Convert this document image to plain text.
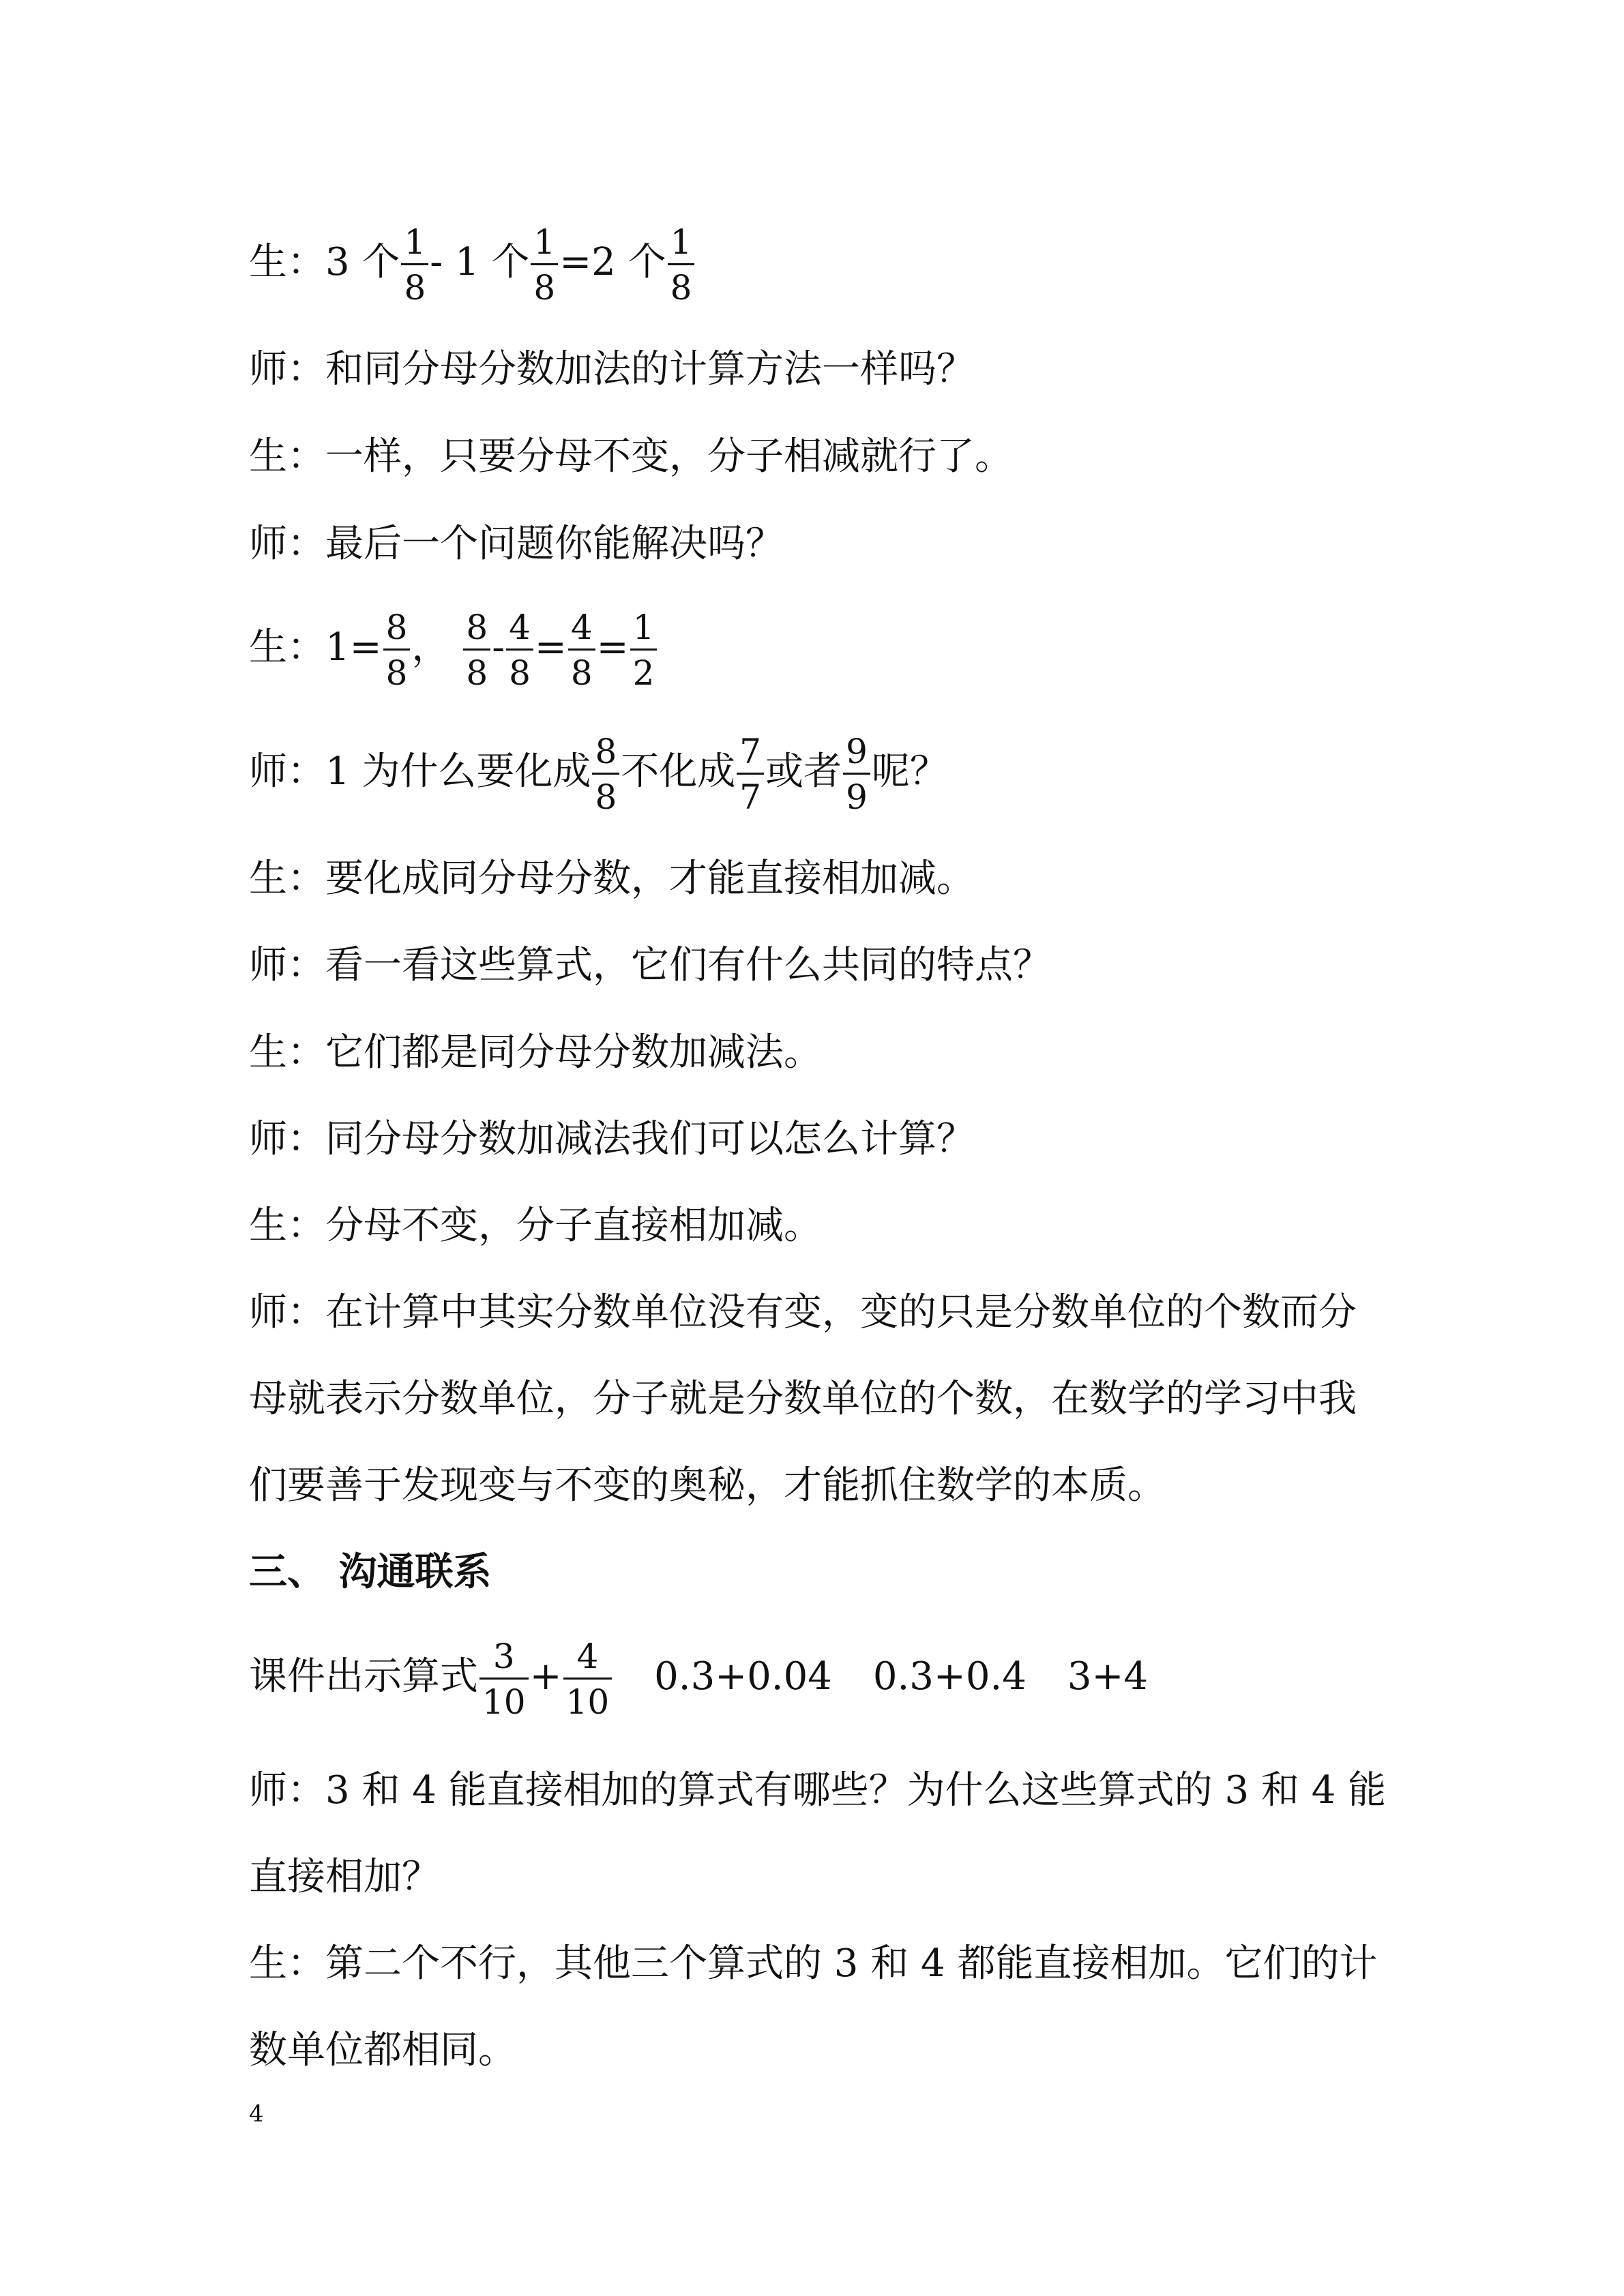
生：3 个 $\frac{1}{8} - 1$ 个 $\frac{1}{8} =2$ 个 $\frac{1}{8}$
师：和同分母分数加法的计算方法一样吗？
生：一样，只要分母不变，分子相减就行了。
师：最后一个问题你能解决吗？
生：$1= \frac{8}{8}$ ， $\frac{8}{8} - \frac{4}{8} = \frac{4}{8} = \frac{1}{2}$
师：1 为什么要化成 $\frac{8}{8}$ 不化成 $\frac{7}{7}$ 或者 $\frac{9}{9}$ 呢？
生：要化成同分母分数，才能直接相加减。
师：看一看这些算式，它们有什么共同的特点？
生：它们都是同分母分数加减法。
师：同分母分数加减法我们可以怎么计算？
生：分母不变，分子直接相加减。
师：在计算中其实分数单位没有变，变的只是分数单位的个数而分
母就表示分数单位，分子就是分数单位的个数，在数学的学习中我
们要善于发现变与不变的奥秘，才能抓住数学的本质。
三、 沟通联系
课件出示算式 $\frac{3}{10} + \frac{4}{10} 0.3+0.04$ 0.3+0.4 3+4
师：3 和 4 能直接相加的算式有哪些？为什么这些算式的 3 和 4 能
直接相加？
生：第二个不行，其他三个算式的 3 和 4 都能直接相加。它们的计
数单位都相同。
4
